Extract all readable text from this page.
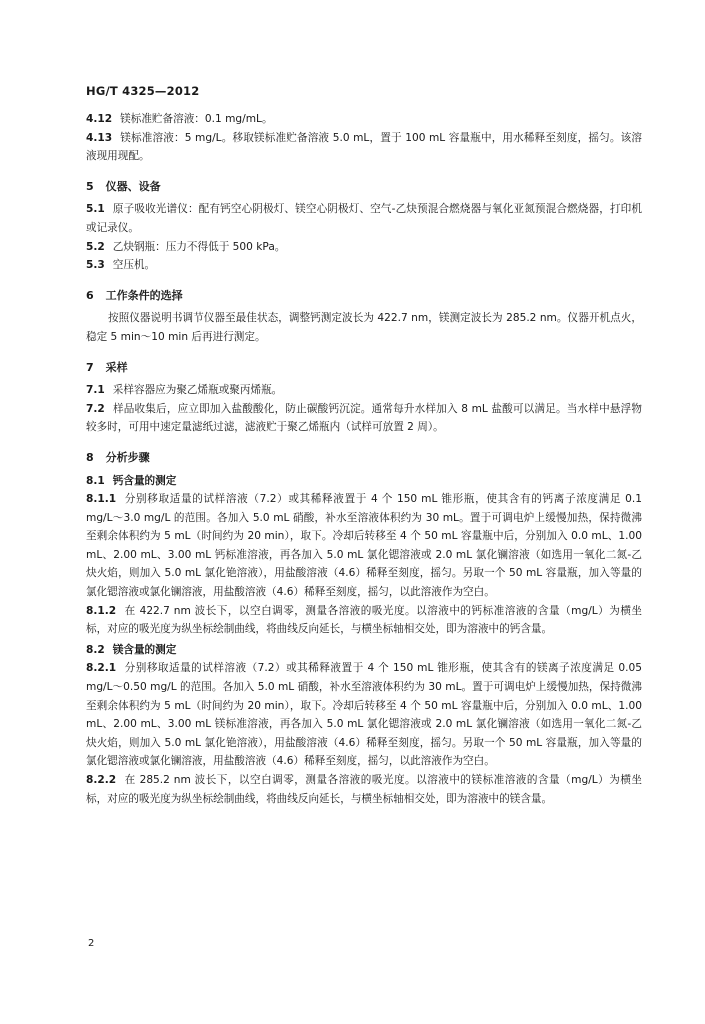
HG/T 4325—2012

4.12 镁标准贮备溶液：0.1 mg/mL。

4.13 镁标准溶液：5 mg/L。移取镁标准贮备溶液 5.0 mL，置于 100 mL 容量瓶中，用水稀释至刻度，摇匀。该溶液现用现配。

5 仪器、设备

5.1 原子吸收光谱仪：配有钙空心阴极灯、镁空心阴极灯、空气-乙炔预混合燃烧器与氧化亚氮预混合燃烧器，打印机或记录仪。

5.2 乙炔钢瓶：压力不得低于 500 kPa。

5.3 空压机。

6 工作条件的选择

按照仪器说明书调节仪器至最佳状态，调整钙测定波长为 422.7 nm，镁测定波长为 285.2 nm。仪器开机点火，稳定 5 min～10 min 后再进行测定。

7 采样

7.1 采样容器应为聚乙烯瓶或聚丙烯瓶。

7.2 样品收集后，应立即加入盐酸酸化，防止碳酸钙沉淀。通常每升水样加入 8 mL 盐酸可以满足。当水样中悬浮物较多时，可用中速定量滤纸过滤，滤液贮于聚乙烯瓶内（试样可放置 2 周）。

8 分析步骤

8.1 钙含量的测定

8.1.1 分别移取适量的试样溶液（7.2）或其稀释液置于 4 个 150 mL 锥形瓶，使其含有的钙离子浓度满足 0.1 mg/L～3.0 mg/L 的范围。各加入 5.0 mL 硝酸，补水至溶液体积约为 30 mL。置于可调电炉上缓慢加热，保持微沸至剩余体积约为 5 mL（时间约为 20 min），取下。冷却后转移至 4 个 50 mL 容量瓶中后，分别加入 0.0 mL、1.00 mL、2.00 mL、3.00 mL 钙标准溶液，再各加入 5.0 mL 氯化锶溶液或 2.0 mL 氯化镧溶液（如选用一氧化二氮-乙炔火焰，则加入 5.0 mL 氯化铯溶液），用盐酸溶液（4.6）稀释至刻度，摇匀。另取一个 50 mL 容量瓶，加入等量的氯化锶溶液或氯化镧溶液，用盐酸溶液（4.6）稀释至刻度，摇匀，以此溶液作为空白。

8.1.2 在 422.7 nm 波长下，以空白调零，测量各溶液的吸光度。以溶液中的钙标准溶液的含量（mg/L）为横坐标，对应的吸光度为纵坐标绘制曲线，将曲线反向延长，与横坐标轴相交处，即为溶液中的钙含量。

8.2 镁含量的测定

8.2.1 分别移取适量的试样溶液（7.2）或其稀释液置于 4 个 150 mL 锥形瓶，使其含有的镁离子浓度满足 0.05 mg/L～0.50 mg/L 的范围。各加入 5.0 mL 硝酸，补水至溶液体积约为 30 mL。置于可调电炉上缓慢加热，保持微沸至剩余体积约为 5 mL（时间约为 20 min），取下。冷却后转移至 4 个 50 mL 容量瓶中后，分别加入 0.0 mL、1.00 mL、2.00 mL、3.00 mL 镁标准溶液，再各加入 5.0 mL 氯化锶溶液或 2.0 mL 氯化镧溶液（如选用一氧化二氮-乙炔火焰，则加入 5.0 mL 氯化铯溶液），用盐酸溶液（4.6）稀释至刻度，摇匀。另取一个 50 mL 容量瓶，加入等量的氯化锶溶液或氯化镧溶液，用盐酸溶液（4.6）稀释至刻度，摇匀，以此溶液作为空白。

8.2.2 在 285.2 nm 波长下，以空白调零，测量各溶液的吸光度。以溶液中的镁标准溶液的含量（mg/L）为横坐标，对应的吸光度为纵坐标绘制曲线，将曲线反向延长，与横坐标轴相交处，即为溶液中的镁含量。

2
